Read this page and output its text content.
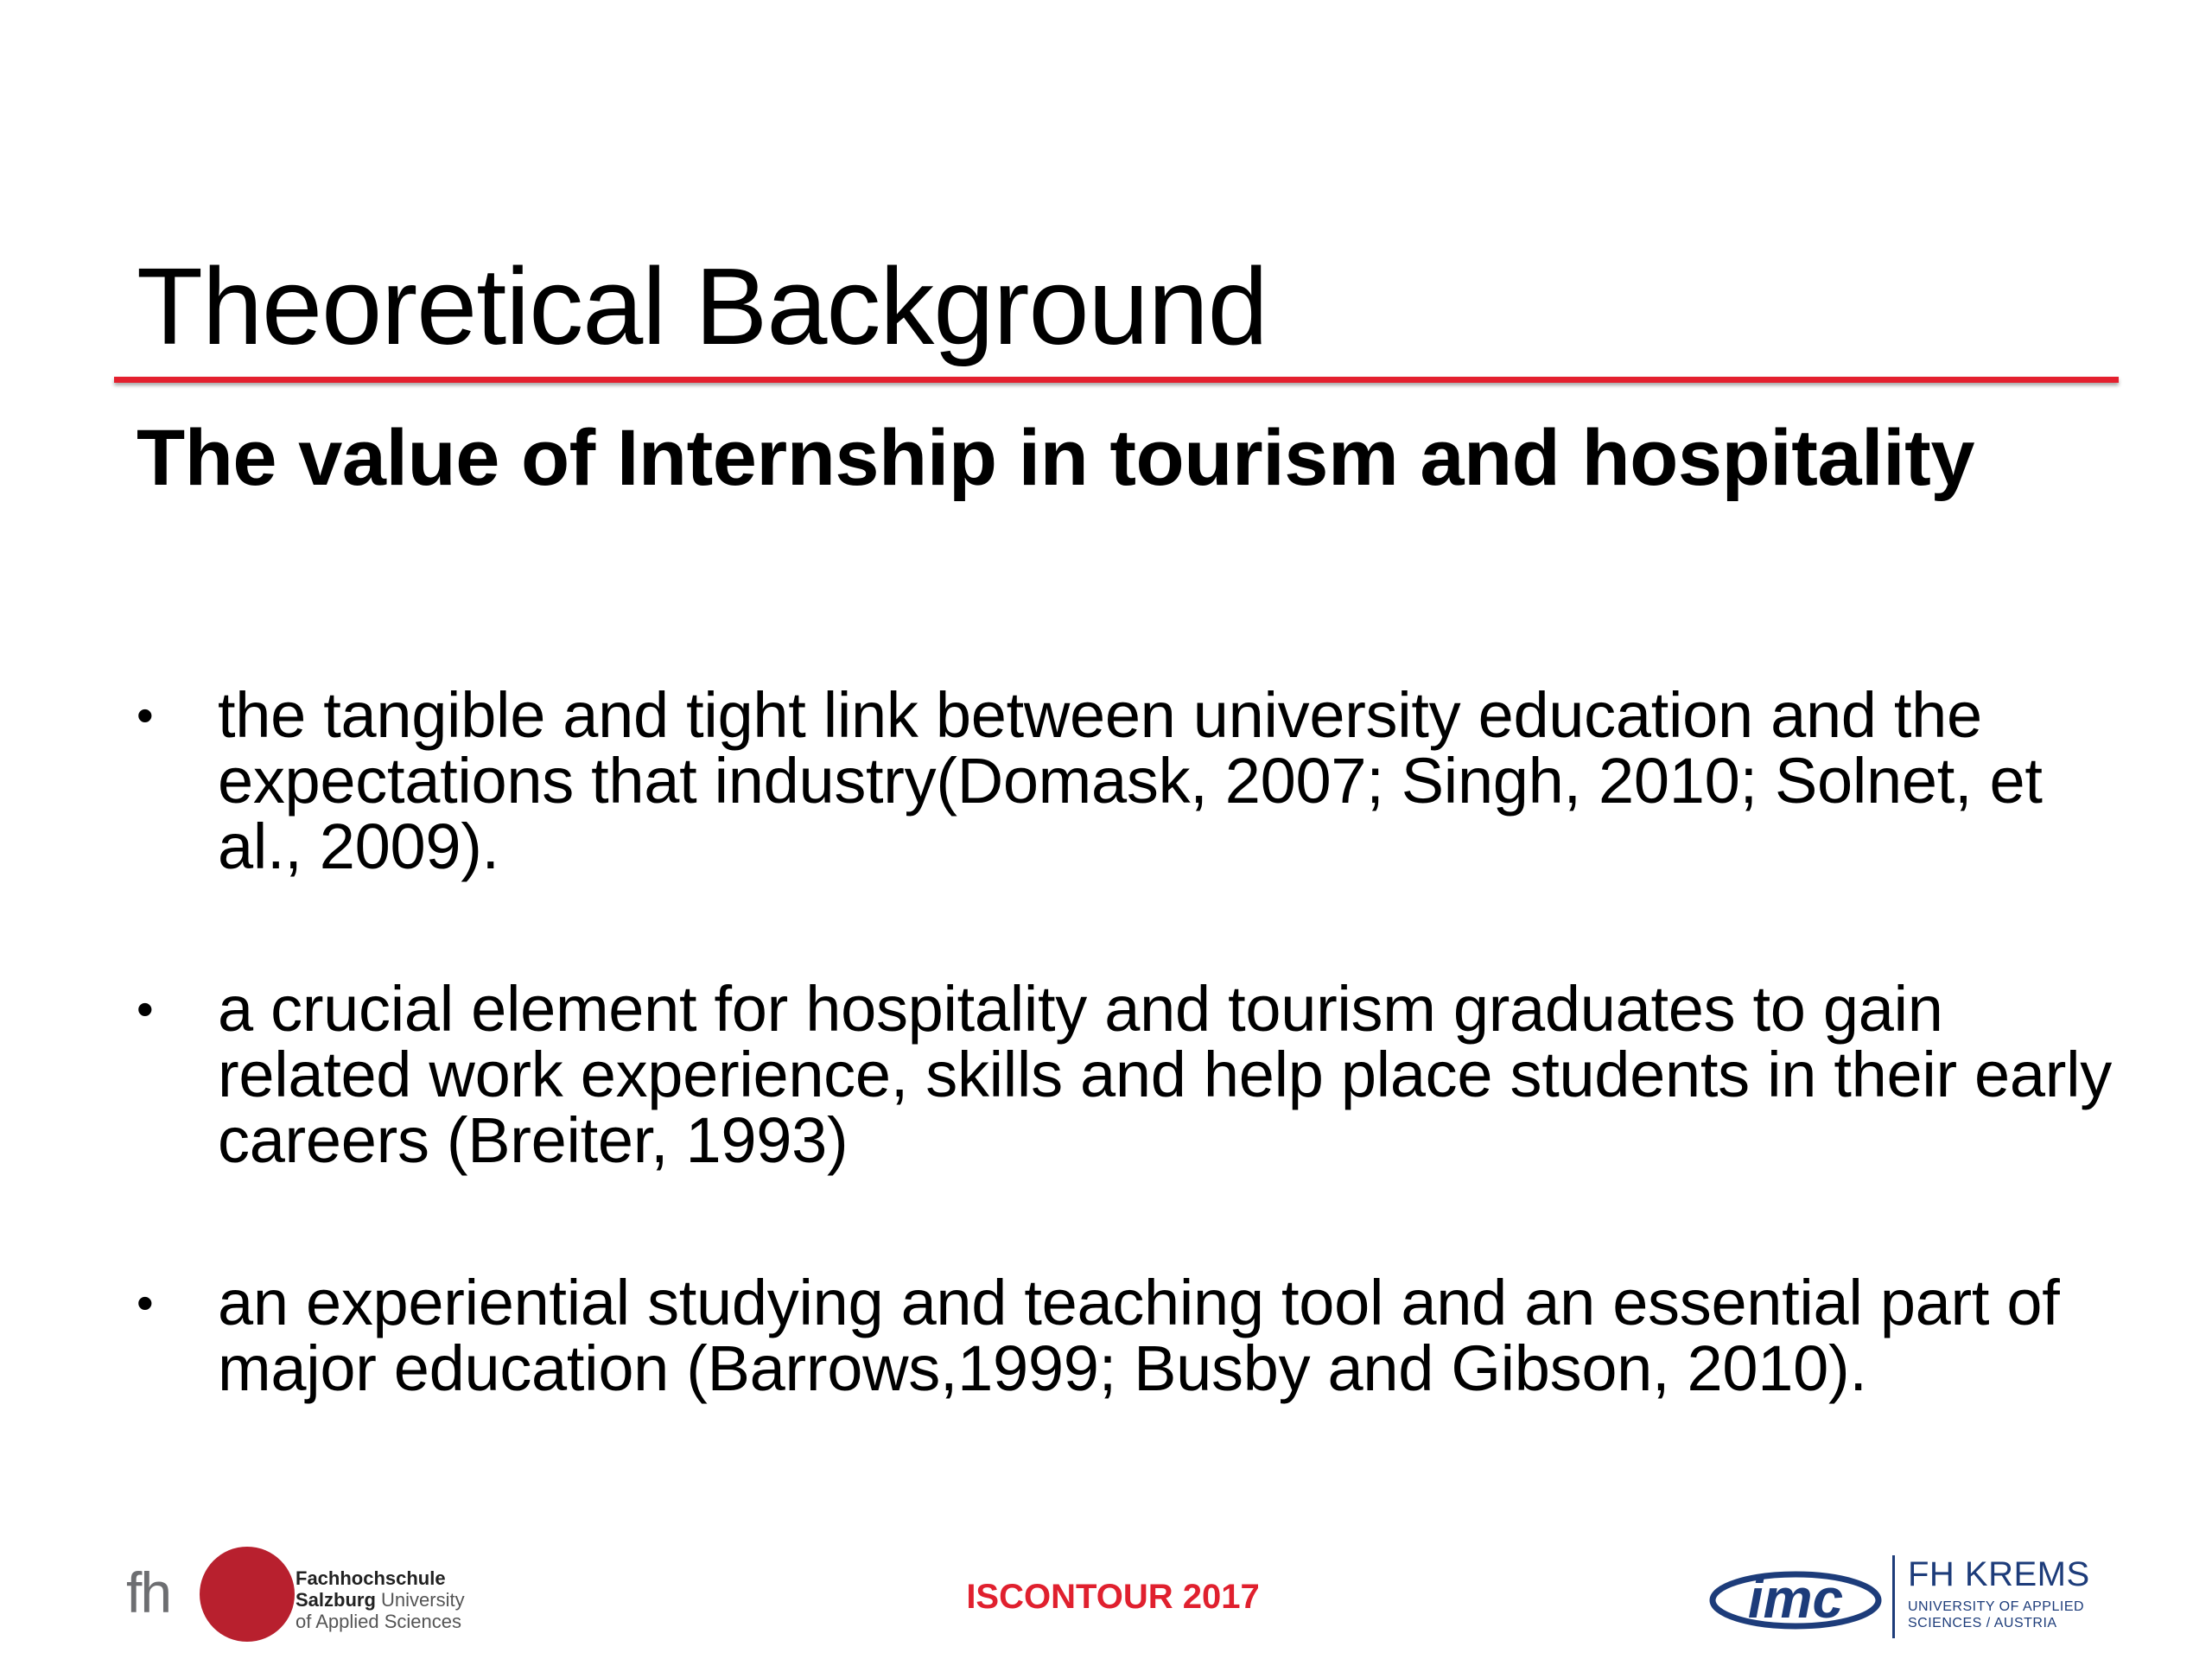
Theoretical Background
The value of Internship in tourism and hospitality
• the tangible and tight link between university education and the expectations that industry(Domask, 2007; Singh, 2010; Solnet, et al., 2009).
• a crucial element for hospitality and tourism graduates to gain related work experience, skills and help place students in their early careers (Breiter, 1993)
• an experiential studying and teaching tool and an essential part of major education (Barrows,1999; Busby and Gibson, 2010).
fhs	Fachhochschule
Salzburg University
of Applied Sciences
ISCONTOUR 2017	imc FH KREMS
UNIVERSITY OF APPLIED
SCIENCES / AUSTRIA
